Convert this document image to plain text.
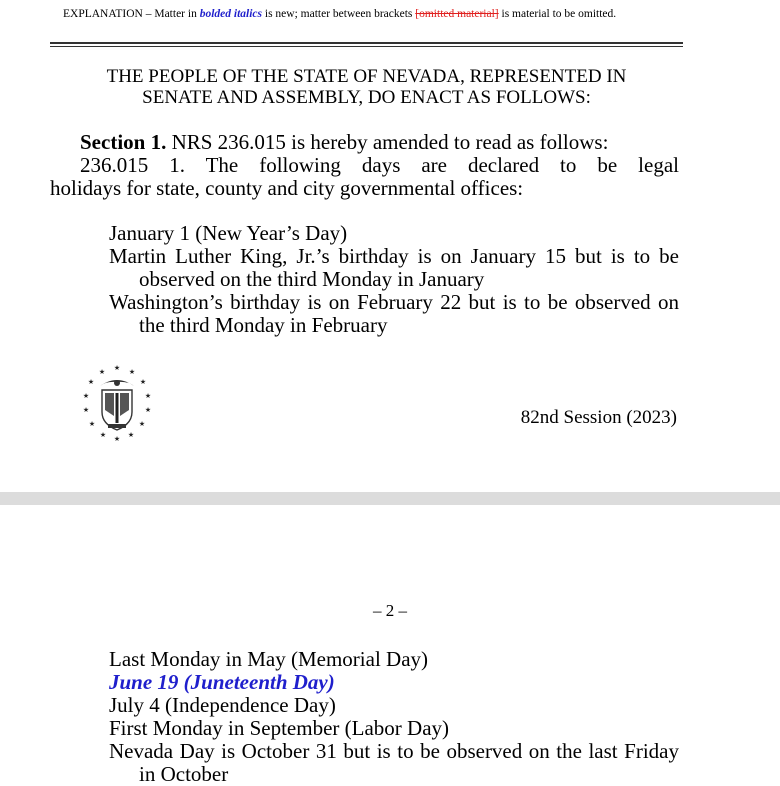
EXPLANATION – Matter in bolded italics is new; matter between brackets [omitted material] is material to be omitted.
THE PEOPLE OF THE STATE OF NEVADA, REPRESENTED IN
SENATE AND ASSEMBLY, DO ENACT AS FOLLOWS:
Section 1. NRS 236.015 is hereby amended to read as follows:
236.015 1. The following days are declared to be legal
holidays for state, county and city governmental offices:
January 1 (New Year’s Day)
Martin Luther King, Jr.’s birthday is on January 15 but is to be observed on the third Monday in January
Washington’s birthday is on February 22 but is to be observed on the third Monday in February
★ ★
★
★
★
★
★
★
★
★
★
★
★
★
82nd Session (2023)
– 2 –
Last Monday in May (Memorial Day)
June 19 (Juneteenth Day)
July 4 (Independence Day)
First Monday in September (Labor Day)
Nevada Day is October 31 but is to be observed on the last Friday in October
